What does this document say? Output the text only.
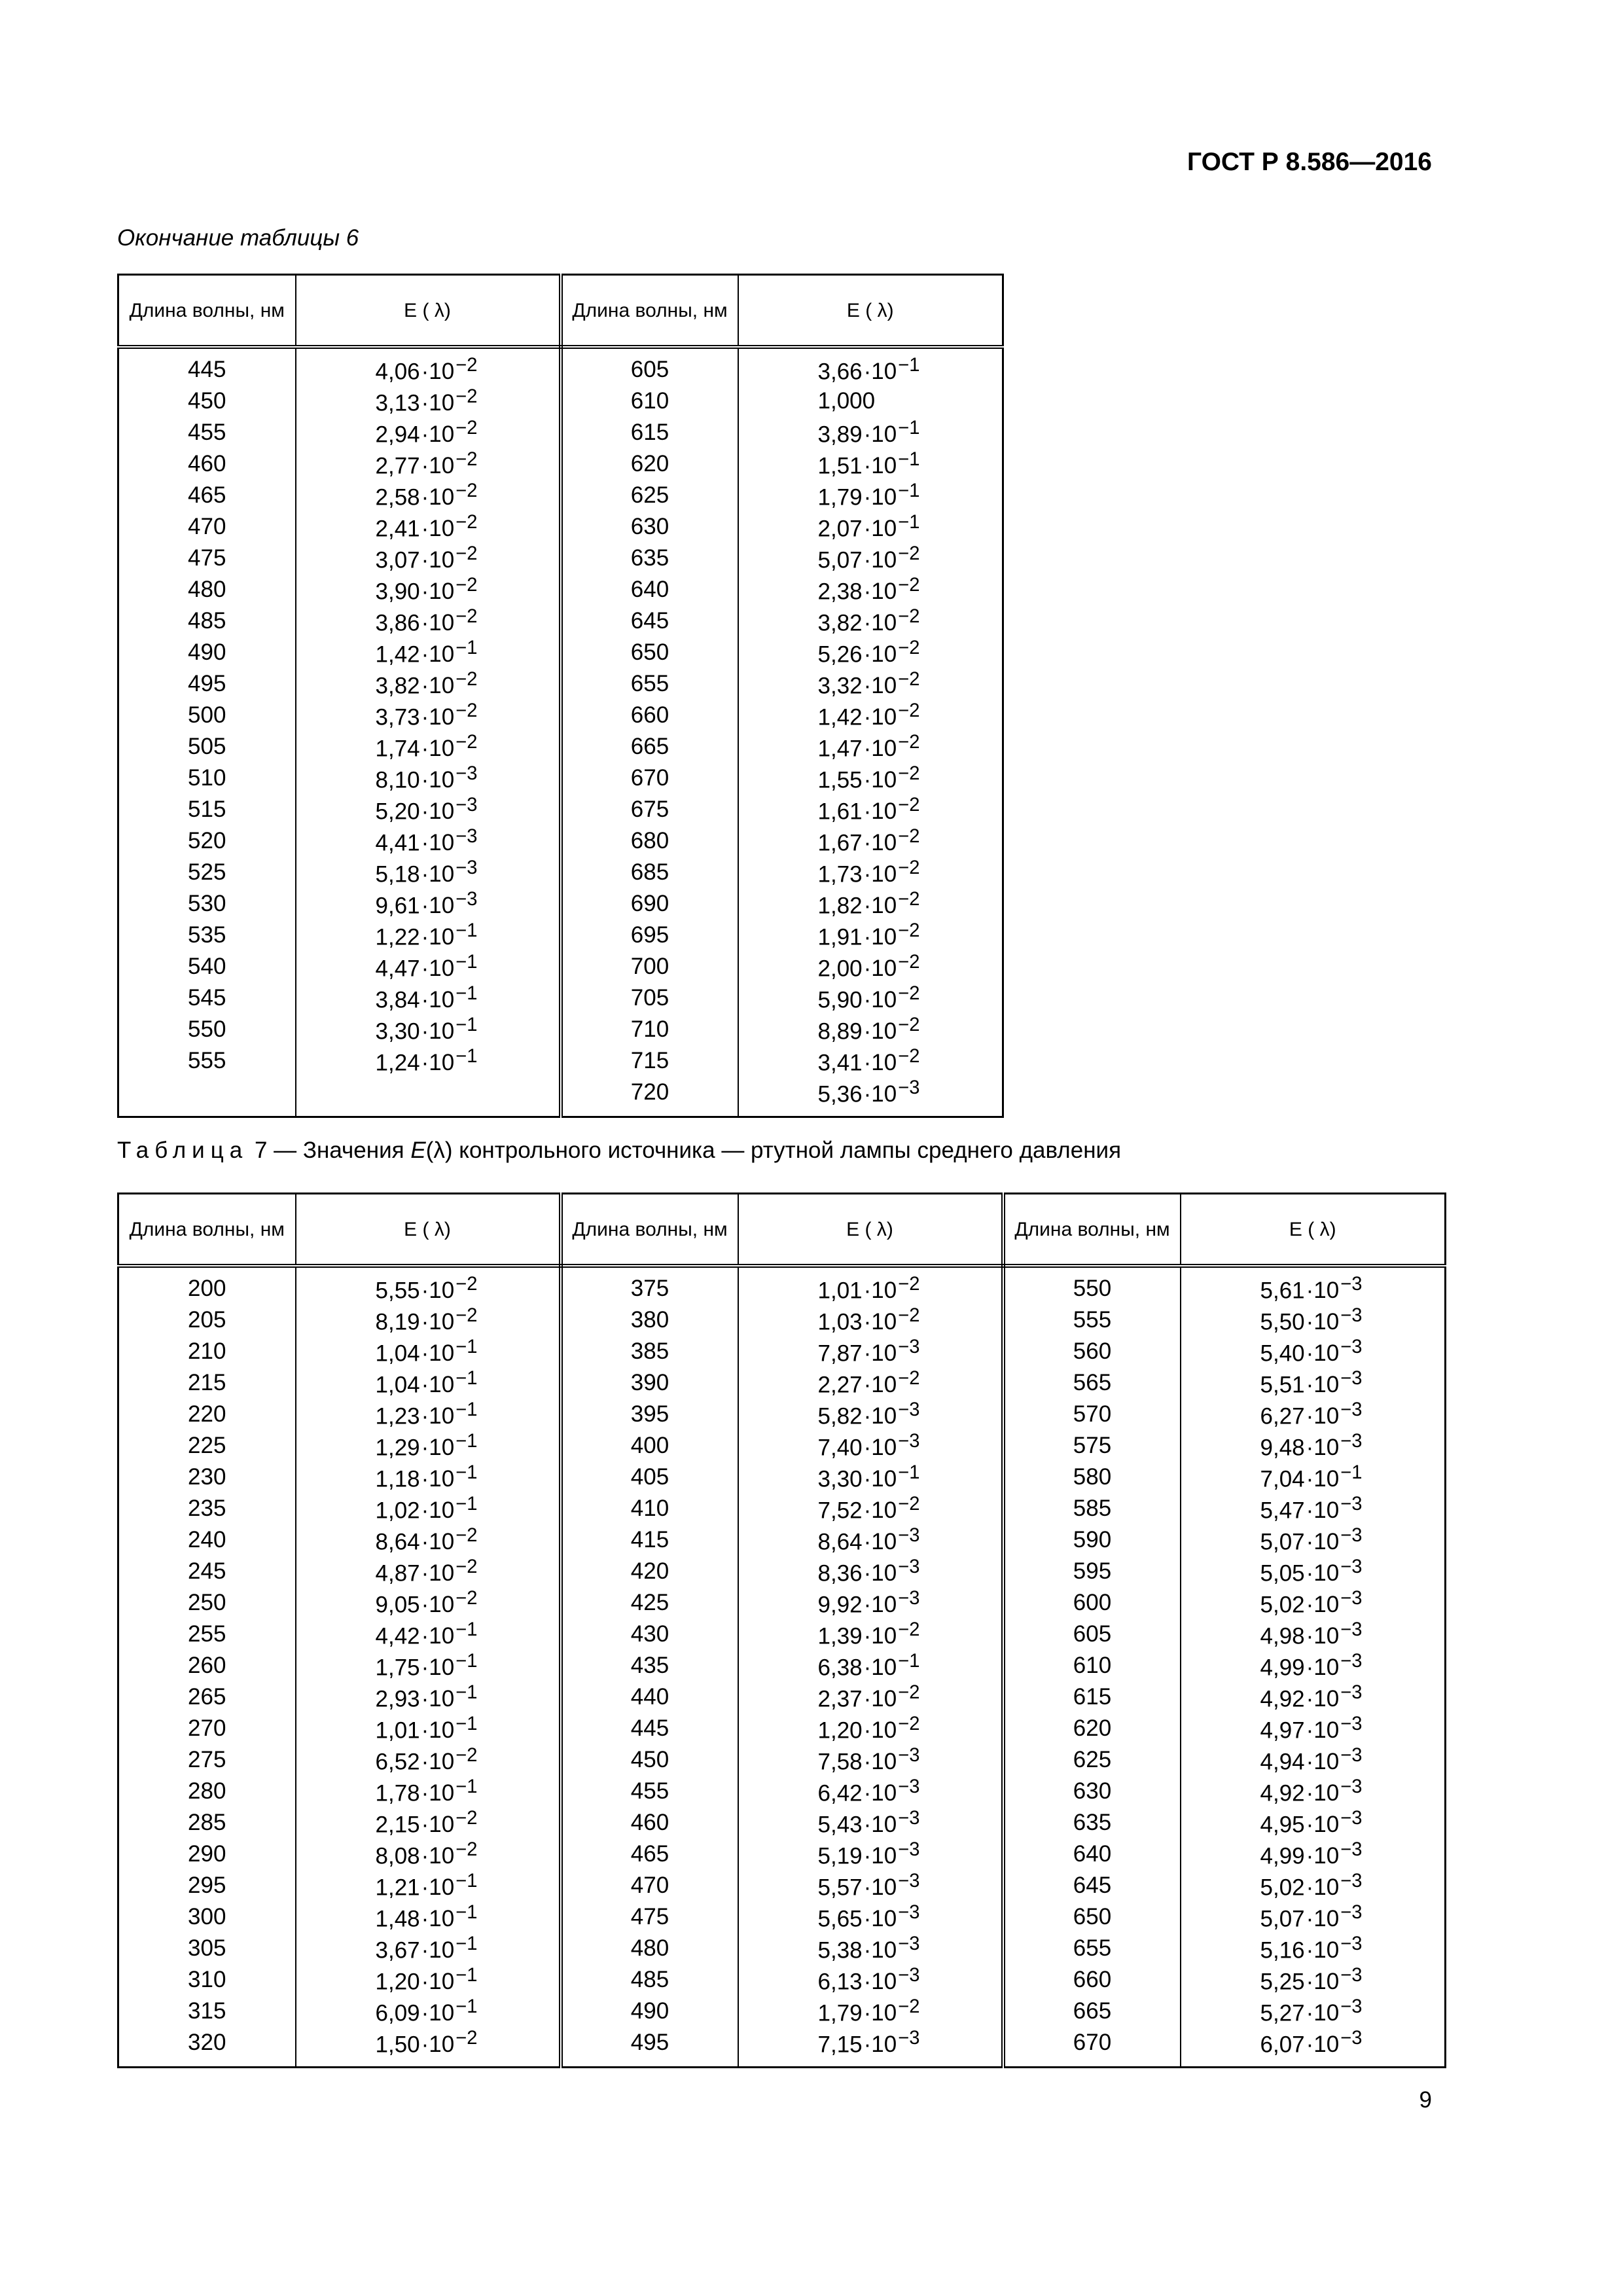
ГОСТ Р 8.586—2016
Окончание таблицы 6
Длина волны, нм	E ( λ)	Длина волны, нм	E ( λ)
445	$4,06\cdot 10^{-2}$	605	$3,66\cdot 10^{-1}$
450	$3,13\cdot 10^{-2}$	610	1,000
455	$2,94\cdot 10^{-2}$	615	$3,89\cdot 10^{-1}$
460	$2,77\cdot 10^{-2}$	620	$1,51\cdot 10^{-1}$
465	$2,58\cdot 10^{-2}$	625	$1,79\cdot 10^{-1}$
470	$2,41\cdot 10^{-2}$	630	$2,07\cdot 10^{-1}$
475	$3,07\cdot 10^{-2}$	635	$5,07\cdot 10^{-2}$
480	$3,90\cdot 10^{-2}$	640	$2,38\cdot 10^{-2}$
485	$3,86\cdot 10^{-2}$	645	$3,82\cdot 10^{-2}$
490	$1,42\cdot 10^{-1}$	650	$5,26\cdot 10^{-2}$
495	$3,82\cdot 10^{-2}$	655	$3,32\cdot 10^{-2}$
500	$3,73\cdot 10^{-2}$	660	$1,42\cdot 10^{-2}$
505	$1,74\cdot 10^{-2}$	665	$1,47\cdot 10^{-2}$
510	$8,10\cdot 10^{-3}$	670	$1,55\cdot 10^{-2}$
515	$5,20\cdot 10^{-3}$	675	$1,61\cdot 10^{-2}$
520	$4,41\cdot 10^{-3}$	680	$1,67\cdot 10^{-2}$
525	$5,18\cdot 10^{-3}$	685	$1,73\cdot 10^{-2}$
530	$9,61\cdot 10^{-3}$	690	$1,82\cdot 10^{-2}$
535	$1,22\cdot 10^{-1}$	695	$1,91\cdot 10^{-2}$
540	$4,47\cdot 10^{-1}$	700	$2,00\cdot 10^{-2}$
545	$3,84\cdot 10^{-1}$	705	$5,90\cdot 10^{-2}$
550	$3,30\cdot 10^{-1}$	710	$8,89\cdot 10^{-2}$
555	$1,24\cdot 10^{-1}$	715	$3,41\cdot 10^{-2}$
		720	$5,36\cdot 10^{-3}$
Таблица 7 — Значения E(λ) контрольного источника — ртутной лампы среднего давления
Длина волны, нм	E ( λ)	Длина волны, нм	E ( λ)	Длина волны, нм	E ( λ)
200	$5,55\cdot 10^{-2}$	375	$1,01\cdot 10^{-2}$	550	$5,61\cdot 10^{-3}$
205	$8,19\cdot 10^{-2}$	380	$1,03\cdot 10^{-2}$	555	$5,50\cdot 10^{-3}$
210	$1,04\cdot 10^{-1}$	385	$7,87\cdot 10^{-3}$	560	$5,40\cdot 10^{-3}$
215	$1,04\cdot 10^{-1}$	390	$2,27\cdot 10^{-2}$	565	$5,51\cdot 10^{-3}$
220	$1,23\cdot 10^{-1}$	395	$5,82\cdot 10^{-3}$	570	$6,27\cdot 10^{-3}$
225	$1,29\cdot 10^{-1}$	400	$7,40\cdot 10^{-3}$	575	$9,48\cdot 10^{-3}$
230	$1,18\cdot 10^{-1}$	405	$3,30\cdot 10^{-1}$	580	$7,04\cdot 10^{-1}$
235	$1,02\cdot 10^{-1}$	410	$7,52\cdot 10^{-2}$	585	$5,47\cdot 10^{-3}$
240	$8,64\cdot 10^{-2}$	415	$8,64\cdot 10^{-3}$	590	$5,07\cdot 10^{-3}$
245	$4,87\cdot 10^{-2}$	420	$8,36\cdot 10^{-3}$	595	$5,05\cdot 10^{-3}$
250	$9,05\cdot 10^{-2}$	425	$9,92\cdot 10^{-3}$	600	$5,02\cdot 10^{-3}$
255	$4,42\cdot 10^{-1}$	430	$1,39\cdot 10^{-2}$	605	$4,98\cdot 10^{-3}$
260	$1,75\cdot 10^{-1}$	435	$6,38\cdot 10^{-1}$	610	$4,99\cdot 10^{-3}$
265	$2,93\cdot 10^{-1}$	440	$2,37\cdot 10^{-2}$	615	$4,92\cdot 10^{-3}$
270	$1,01\cdot 10^{-1}$	445	$1,20\cdot 10^{-2}$	620	$4,97\cdot 10^{-3}$
275	$6,52\cdot 10^{-2}$	450	$7,58\cdot 10^{-3}$	625	$4,94\cdot 10^{-3}$
280	$1,78\cdot 10^{-1}$	455	$6,42\cdot 10^{-3}$	630	$4,92\cdot 10^{-3}$
285	$2,15\cdot 10^{-2}$	460	$5,43\cdot 10^{-3}$	635	$4,95\cdot 10^{-3}$
290	$8,08\cdot 10^{-2}$	465	$5,19\cdot 10^{-3}$	640	$4,99\cdot 10^{-3}$
295	$1,21\cdot 10^{-1}$	470	$5,57\cdot 10^{-3}$	645	$5,02\cdot 10^{-3}$
300	$1,48\cdot 10^{-1}$	475	$5,65\cdot 10^{-3}$	650	$5,07\cdot 10^{-3}$
305	$3,67\cdot 10^{-1}$	480	$5,38\cdot 10^{-3}$	655	$5,16\cdot 10^{-3}$
310	$1,20\cdot 10^{-1}$	485	$6,13\cdot 10^{-3}$	660	$5,25\cdot 10^{-3}$
315	$6,09\cdot 10^{-1}$	490	$1,79\cdot 10^{-2}$	665	$5,27\cdot 10^{-3}$
320	$1,50\cdot 10^{-2}$	495	$7,15\cdot 10^{-3}$	670	$6,07\cdot 10^{-3}$
9
